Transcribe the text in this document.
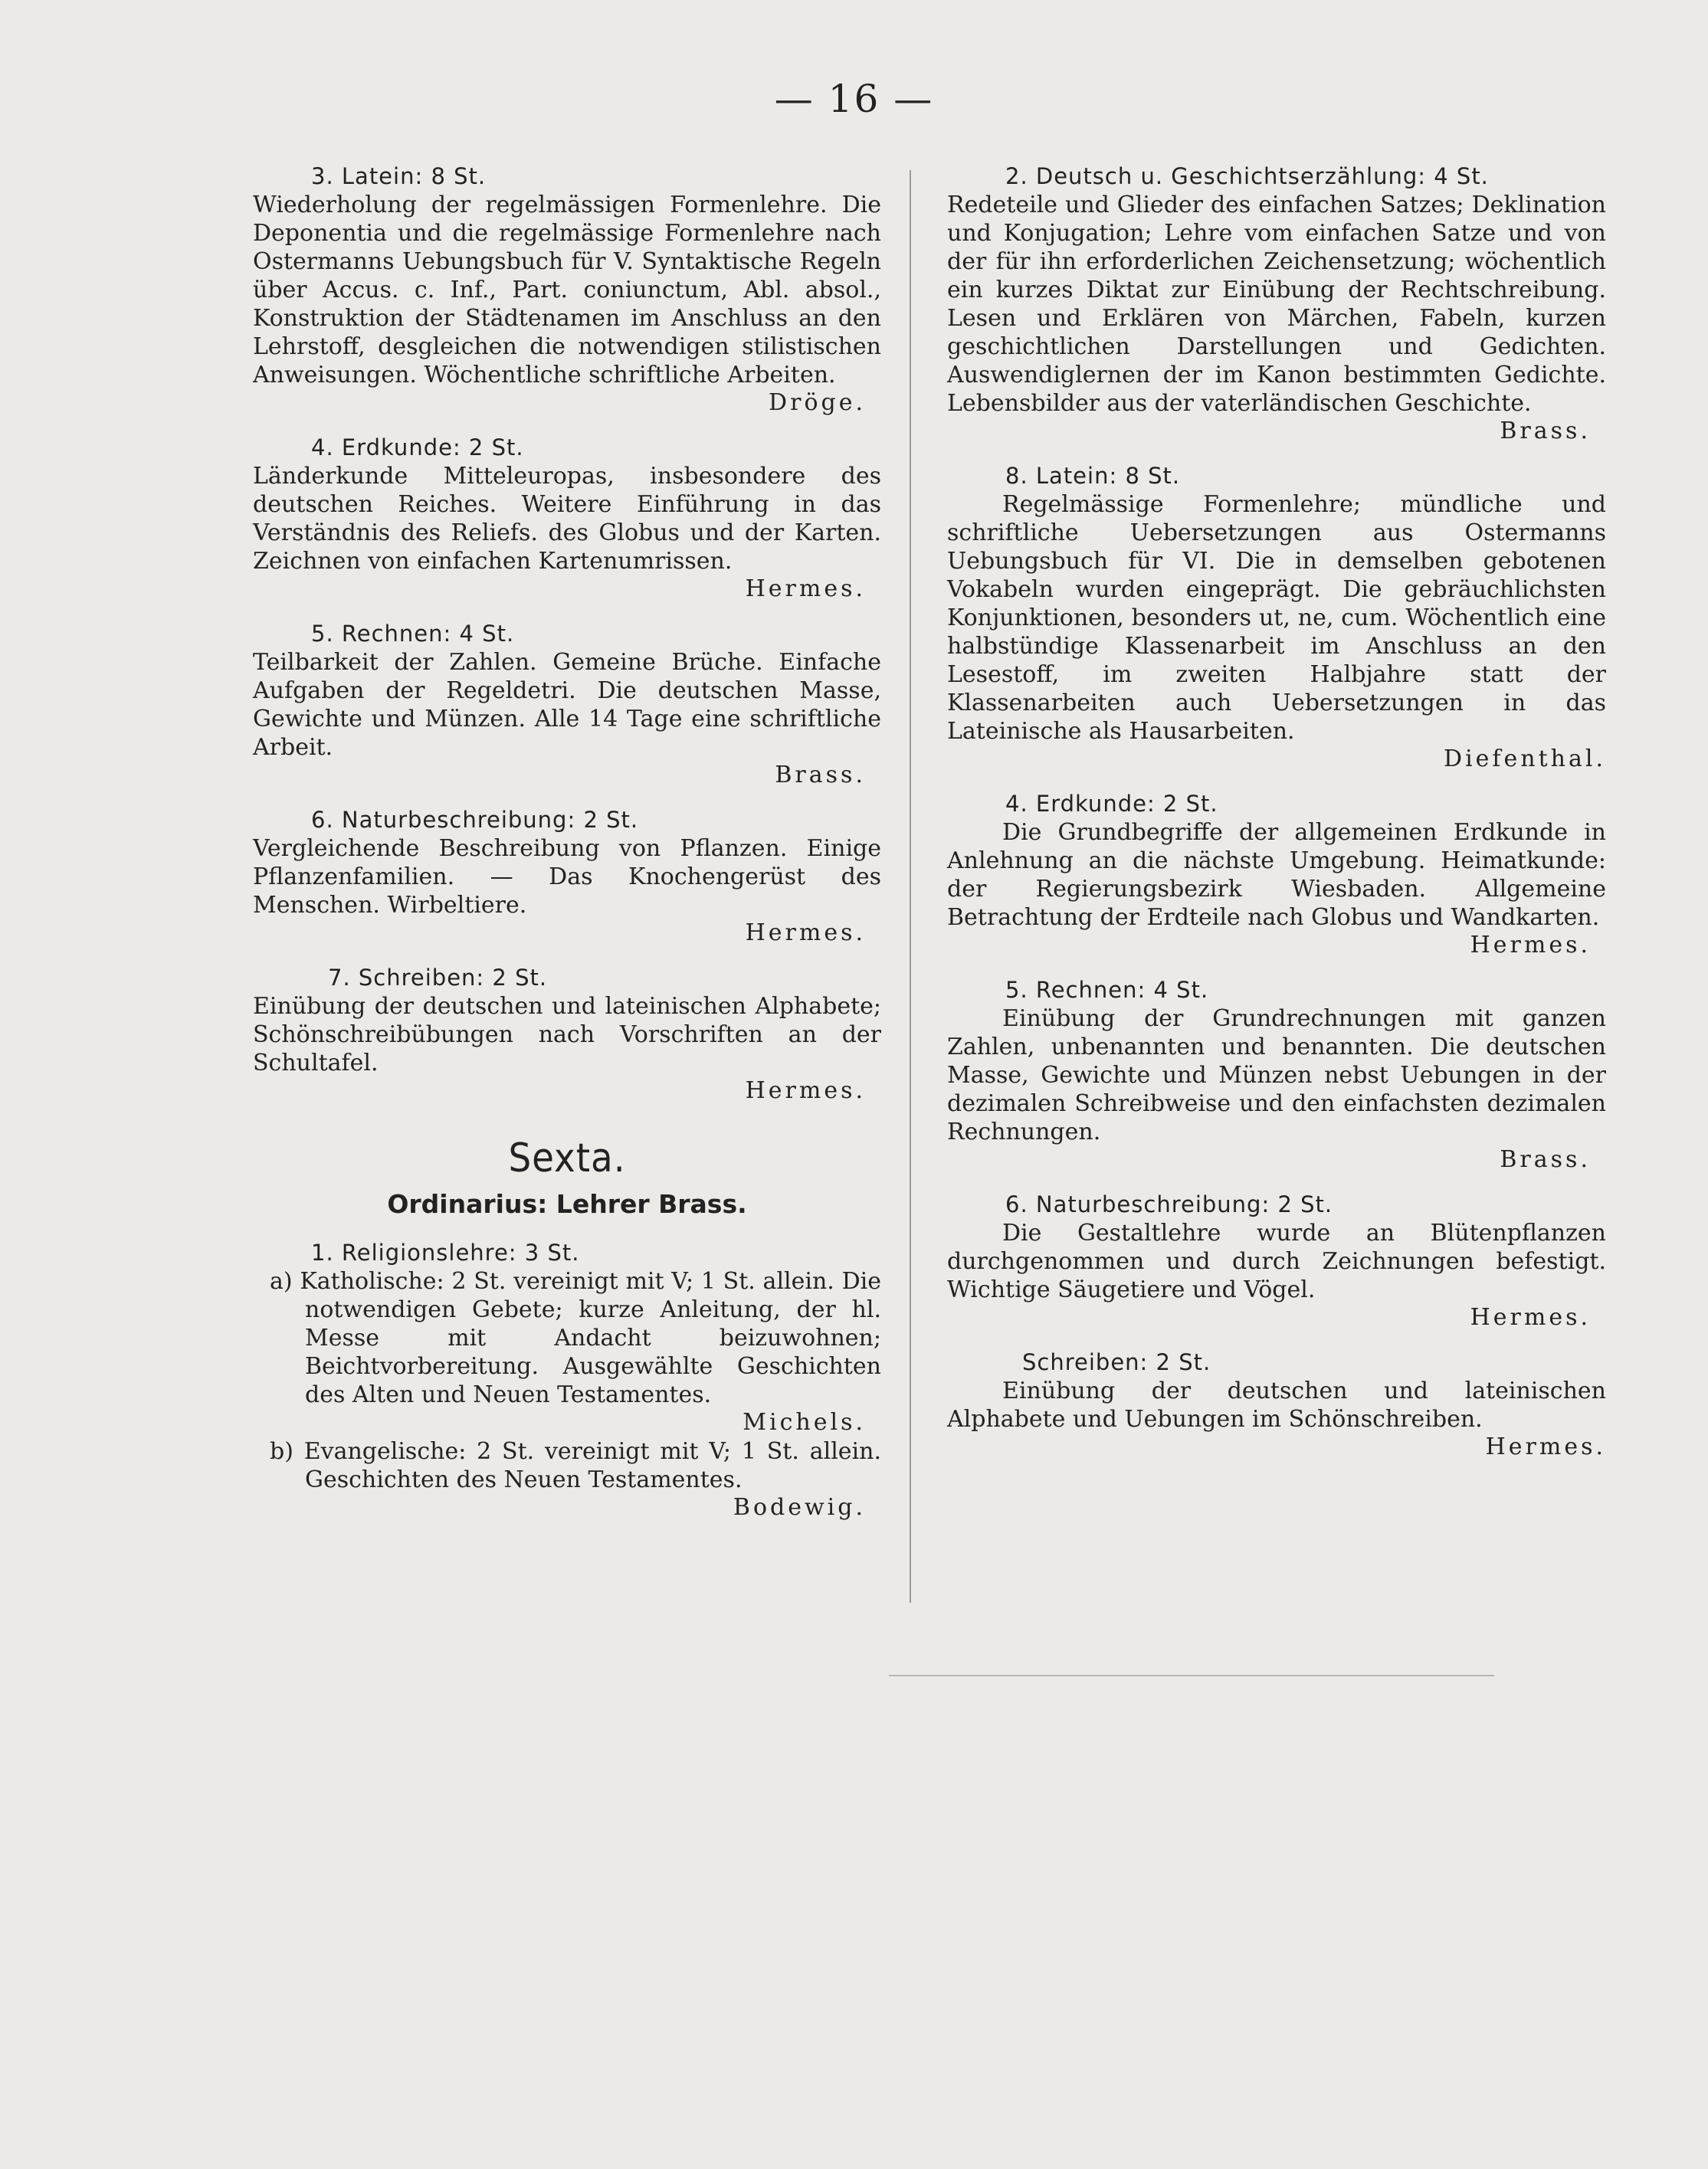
— 16 —
3. Latein: 8 St.
Wiederholung der regelmässigen Formenlehre. Die Deponentia und die regelmässige Formenlehre nach Ostermanns Uebungsbuch für V. Syntaktische Regeln über Accus. c. Inf., Part. coniunctum, Abl. absol., Konstruktion der Städtenamen im Anschluss an den Lehrstoff, desgleichen die notwendigen stilistischen Anweisungen. Wöchentliche schriftliche Arbeiten.
Dröge.
4. Erdkunde: 2 St.
Länderkunde Mitteleuropas, insbesondere des deutschen Reiches. Weitere Einführung in das Verständnis des Reliefs. des Globus und der Karten. Zeichnen von einfachen Kartenumrissen.
Hermes.
5. Rechnen: 4 St.
Teilbarkeit der Zahlen. Gemeine Brüche. Einfache Aufgaben der Regeldetri. Die deutschen Masse, Gewichte und Münzen. Alle 14 Tage eine schriftliche Arbeit.
Brass.
6. Naturbeschreibung: 2 St.
Vergleichende Beschreibung von Pflanzen. Einige Pflanzenfamilien. — Das Knochengerüst des Menschen. Wirbeltiere.
Hermes.
7. Schreiben: 2 St.
Einübung der deutschen und lateinischen Alphabete; Schönschreibübungen nach Vorschriften an der Schultafel.
Hermes.
Sexta.
Ordinarius: Lehrer Brass.
1. Religionslehre: 3 St.
a) Katholische: 2 St. vereinigt mit V; 1 St. allein. Die notwendigen Gebete; kurze Anleitung, der hl. Messe mit Andacht beizuwohnen; Beichtvorbereitung. Ausgewählte Geschichten des Alten und Neuen Testamentes.
Michels.
b) Evangelische: 2 St. vereinigt mit V; 1 St. allein. Geschichten des Neuen Testamentes.
Bodewig.
2. Deutsch u. Geschichtserzählung: 4 St.
Redeteile und Glieder des einfachen Satzes; Deklination und Konjugation; Lehre vom einfachen Satze und von der für ihn erforderlichen Zeichensetzung; wöchentlich ein kurzes Diktat zur Einübung der Rechtschreibung. Lesen und Erklären von Märchen, Fabeln, kurzen geschichtlichen Darstellungen und Gedichten. Auswendiglernen der im Kanon bestimmten Gedichte. Lebensbilder aus der vaterländischen Geschichte.
Brass.
8. Latein: 8 St.
Regelmässige Formenlehre; mündliche und schriftliche Uebersetzungen aus Ostermanns Uebungsbuch für VI. Die in demselben gebotenen Vokabeln wurden eingeprägt. Die gebräuchlichsten Konjunktionen, besonders ut, ne, cum. Wöchentlich eine halbstündige Klassenarbeit im Anschluss an den Lesestoff, im zweiten Halbjahre statt der Klassenarbeiten auch Uebersetzungen in das Lateinische als Hausarbeiten.
Diefenthal.
4. Erdkunde: 2 St.
Die Grundbegriffe der allgemeinen Erdkunde in Anlehnung an die nächste Umgebung. Heimatkunde: der Regierungsbezirk Wiesbaden. Allgemeine Betrachtung der Erdteile nach Globus und Wandkarten.
Hermes.
5. Rechnen: 4 St.
Einübung der Grundrechnungen mit ganzen Zahlen, unbenannten und benannten. Die deutschen Masse, Gewichte und Münzen nebst Uebungen in der dezimalen Schreibweise und den einfachsten dezimalen Rechnungen.
Brass.
6. Naturbeschreibung: 2 St.
Die Gestaltlehre wurde an Blütenpflanzen durchgenommen und durch Zeichnungen befestigt. Wichtige Säugetiere und Vögel.
Hermes.
Schreiben: 2 St.
Einübung der deutschen und lateinischen Alphabete und Uebungen im Schönschreiben.
Hermes.
